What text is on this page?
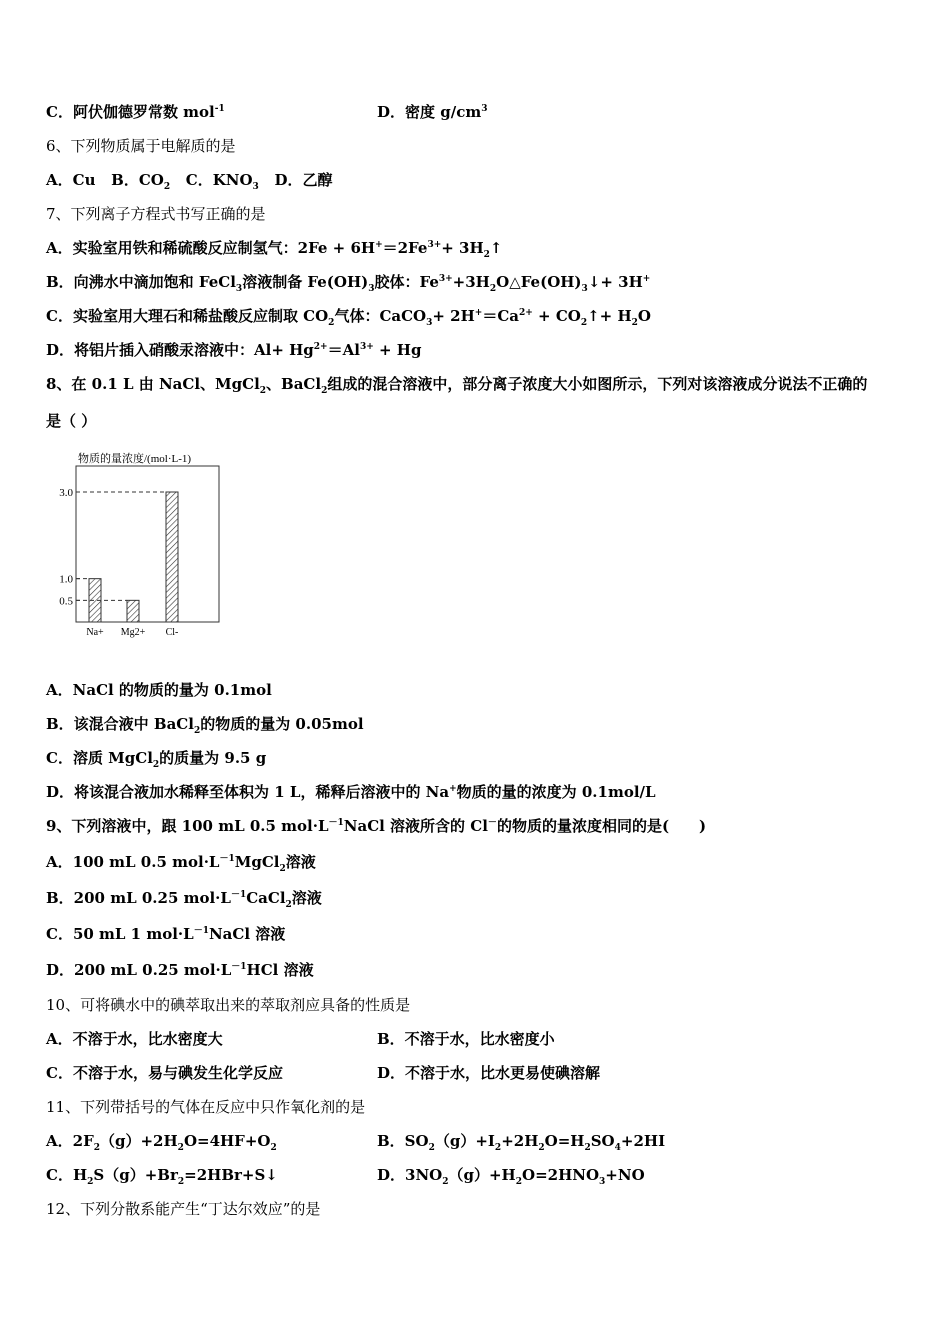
C．阿伏伽德罗常数 mol$^{-1}$	D．密度 $g/cm^3$
6、下列物质属于电解质的是
A．Cu   B．$CO_2$   C．$KNO_3$   D．乙醇
7、下列离子方程式书写正确的是
A．实验室用铁和稀硫酸反应制氢气：$2Fe + 6H^+=2Fe^{3+}+$ $3H_2↑$
B．向沸水中滴加饱和 FeCl$_3$溶液制备 $Fe(OH)_3$胶体：$Fe^{3+}+3H_2O\triangle Fe(OH)_3↓+ 3H^+$
C．实验室用大理石和稀盐酸反应制取 $CO_2$气体：CaCO$_3$+ $2H^+=Ca^{2+}$ + $CO_2↑+ H_2O$
D．将铝片插入硝酸汞溶液中：$Al+ Hg^{2+}=Al^{3+} + Hg$
8、在 0.1 L 由 NaCl、MgCl$_2$、BaCl$_2$组成的混合溶液中，部分离子浓度大小如图所示，下列对该溶液成分说法不正确的
是（ ）
物质的量浓度/(mol·L-1)
0.5
1.0
3.0
Na+ Mg2+ Cl-
A．NaCl 的物质的量为 0.1mol
B．该混合液中 BaCl$_2$的物质的量为 0.05mol
C．溶质 MgCl$_2$的质量为 9.5 g
D．将该混合液加水稀释至体积为 1 L，稀释后溶液中的 Na+物质的量的浓度为 0.1mol/L
9、下列溶液中，跟 100 mL 0.5 $mol\cdot L^{-1}NaCl$ 溶液所含的 Cl－的物质的量浓度相同的是(　　)
A．100 mL 0.5 $mol\cdot L^{-1}MgCl_2$溶液
B．200 mL 0.25 $mol\cdot L^{-1}CaCl_2$溶液
C．50 mL 1 $mol\cdot L^{-1}NaCl$ 溶液
D．200 mL 0.25 $mol\cdot L^{-1}HCl$ 溶液
10、可将碘水中的碘萃取出来的萃取剂应具备的性质是
A．不溶于水，比水密度大	B．不溶于水，比水密度小
C．不溶于水，易与碘发生化学反应	D．不溶于水，比水更易使碘溶解
11、下列带括号的气体在反应中只作氧化剂的是
A．$2F_2(g)+2H_2O=4HF+O_2$	B．$SO_2(g)+I_2+2H_2O=H_2SO_4+2HI$
C．$H_2S(g)+Br_2=2HBr+S↓$	D．$3NO_2(g)+H_2O=2HNO_3+NO$
12、下列分散系能产生“丁达尔效应”的是
